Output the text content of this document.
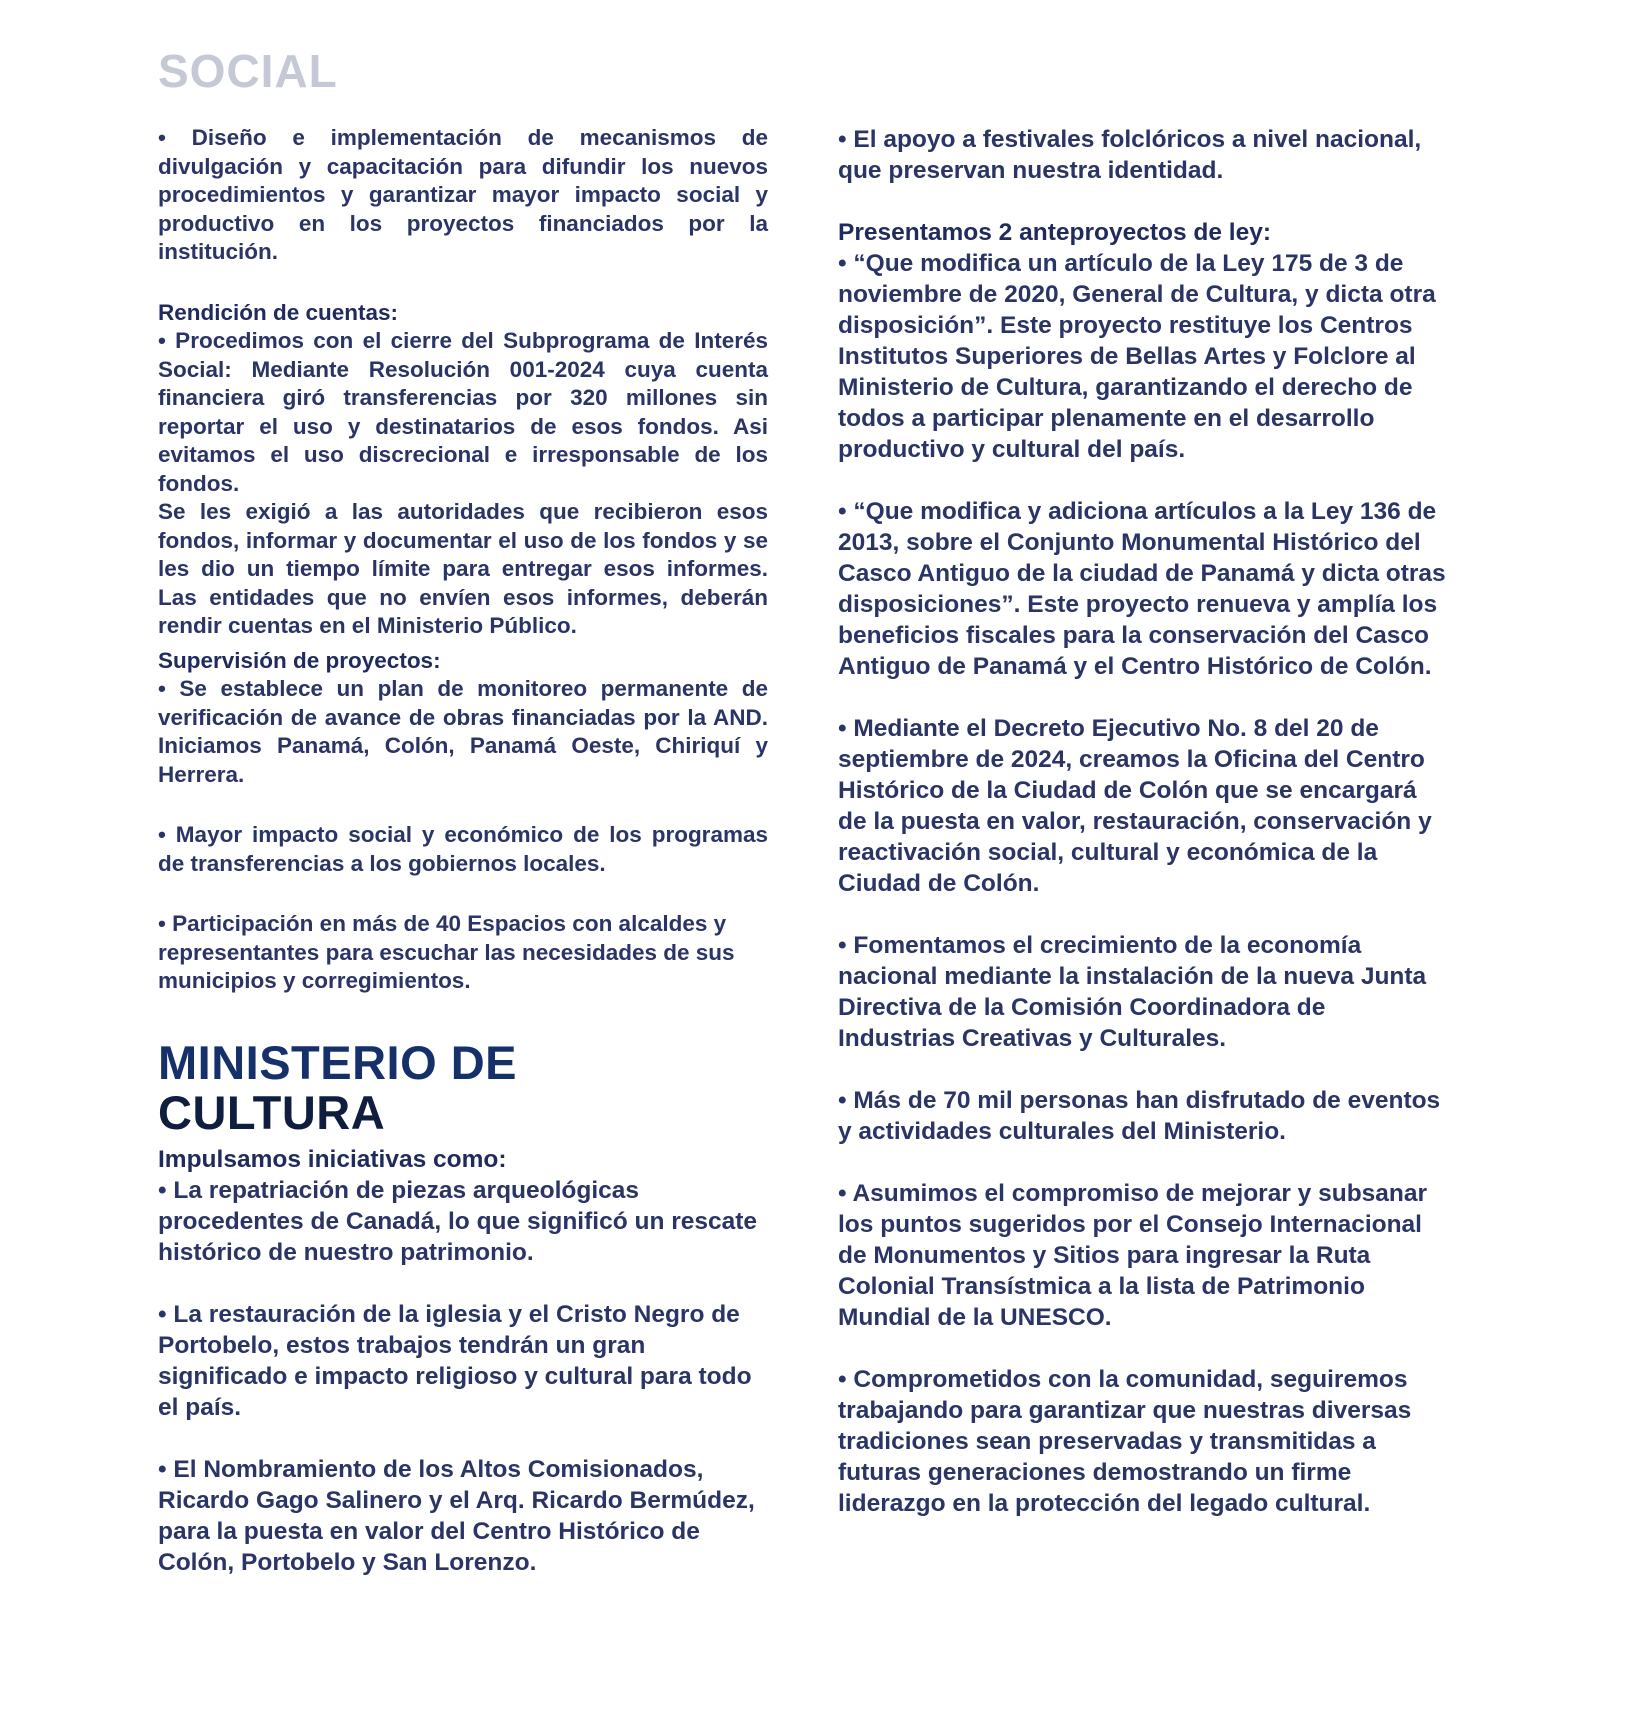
SOCIAL

• Diseño e implementación de mecanismos de divulgación y capacitación para difundir los nuevos procedimientos y garantizar mayor impacto social y productivo en los proyectos financiados por la institución.

Rendición de cuentas:

• Procedimos con el cierre del Subprograma de Interés Social: Mediante Resolución 001-2024 cuya cuenta financiera giró transferencias por 320 millones sin reportar el uso y destinatarios de esos fondos. Asi evitamos el uso discrecional e irresponsable de los fondos.

Se les exigió a las autoridades que recibieron esos fondos, informar y documentar el uso de los fondos y se les dio un tiempo límite para entregar esos informes. Las entidades que no envíen esos informes, deberán rendir cuentas en el Ministerio Público.

Supervisión de proyectos:

• Se establece un plan de monitoreo permanente de verificación de avance de obras financiadas por la AND. Iniciamos Panamá, Colón, Panamá Oeste, Chiriquí y Herrera.

• Mayor impacto social y económico de los programas de transferencias a los gobiernos locales.

• Participación en más de 40 Espacios con alcaldes y representantes para escuchar las necesidades de sus municipios y corregimientos.

MINISTERIO DE
CULTURA

Impulsamos iniciativas como:

• La repatriación de piezas arqueológicas procedentes de Canadá, lo que significó un rescate histórico de nuestro patrimonio.

• La restauración de la iglesia y el Cristo Negro de Portobelo, estos trabajos tendrán un gran significado e impacto religioso y cultural para todo el país.

• El Nombramiento de los Altos Comisionados, Ricardo Gago Salinero y el Arq. Ricardo Bermúdez, para la puesta en valor del Centro Histórico de Colón, Portobelo y San Lorenzo.

• El apoyo a festivales folclóricos a nivel nacional, que preservan nuestra identidad.

Presentamos 2 anteproyectos de ley:

• “Que modifica un artículo de la Ley 175 de 3 de noviembre de 2020, General de Cultura, y dicta otra disposición”. Este proyecto restituye los Centros Institutos Superiores de Bellas Artes y Folclore al Ministerio de Cultura, garantizando el derecho de todos a participar plenamente en el desarrollo productivo y cultural del país.

• “Que modifica y adiciona artículos a la Ley 136 de 2013, sobre el Conjunto Monumental Histórico del Casco Antiguo de la ciudad de Panamá y dicta otras disposiciones”. Este proyecto renueva y amplía los beneficios fiscales para la conservación del Casco Antiguo de Panamá y el Centro Histórico de Colón.

• Mediante el Decreto Ejecutivo No. 8 del 20 de septiembre de 2024, creamos la Oficina del Centro Histórico de la Ciudad de Colón que se encargará de la puesta en valor, restauración, conservación y reactivación social, cultural y económica de la Ciudad de Colón.

• Fomentamos el crecimiento de la economía nacional mediante la instalación de la nueva Junta Directiva de la Comisión Coordinadora de Industrias Creativas y Culturales.

• Más de 70 mil personas han disfrutado de eventos y actividades culturales del Ministerio.

• Asumimos el compromiso de mejorar y subsanar los puntos sugeridos por el Consejo Internacional de Monumentos y Sitios para ingresar la Ruta Colonial Transístmica a la lista de Patrimonio Mundial de la UNESCO.

• Comprometidos con la comunidad, seguiremos trabajando para garantizar que nuestras diversas tradiciones sean preservadas y transmitidas a futuras generaciones demostrando un firme liderazgo en la protección del legado cultural.
